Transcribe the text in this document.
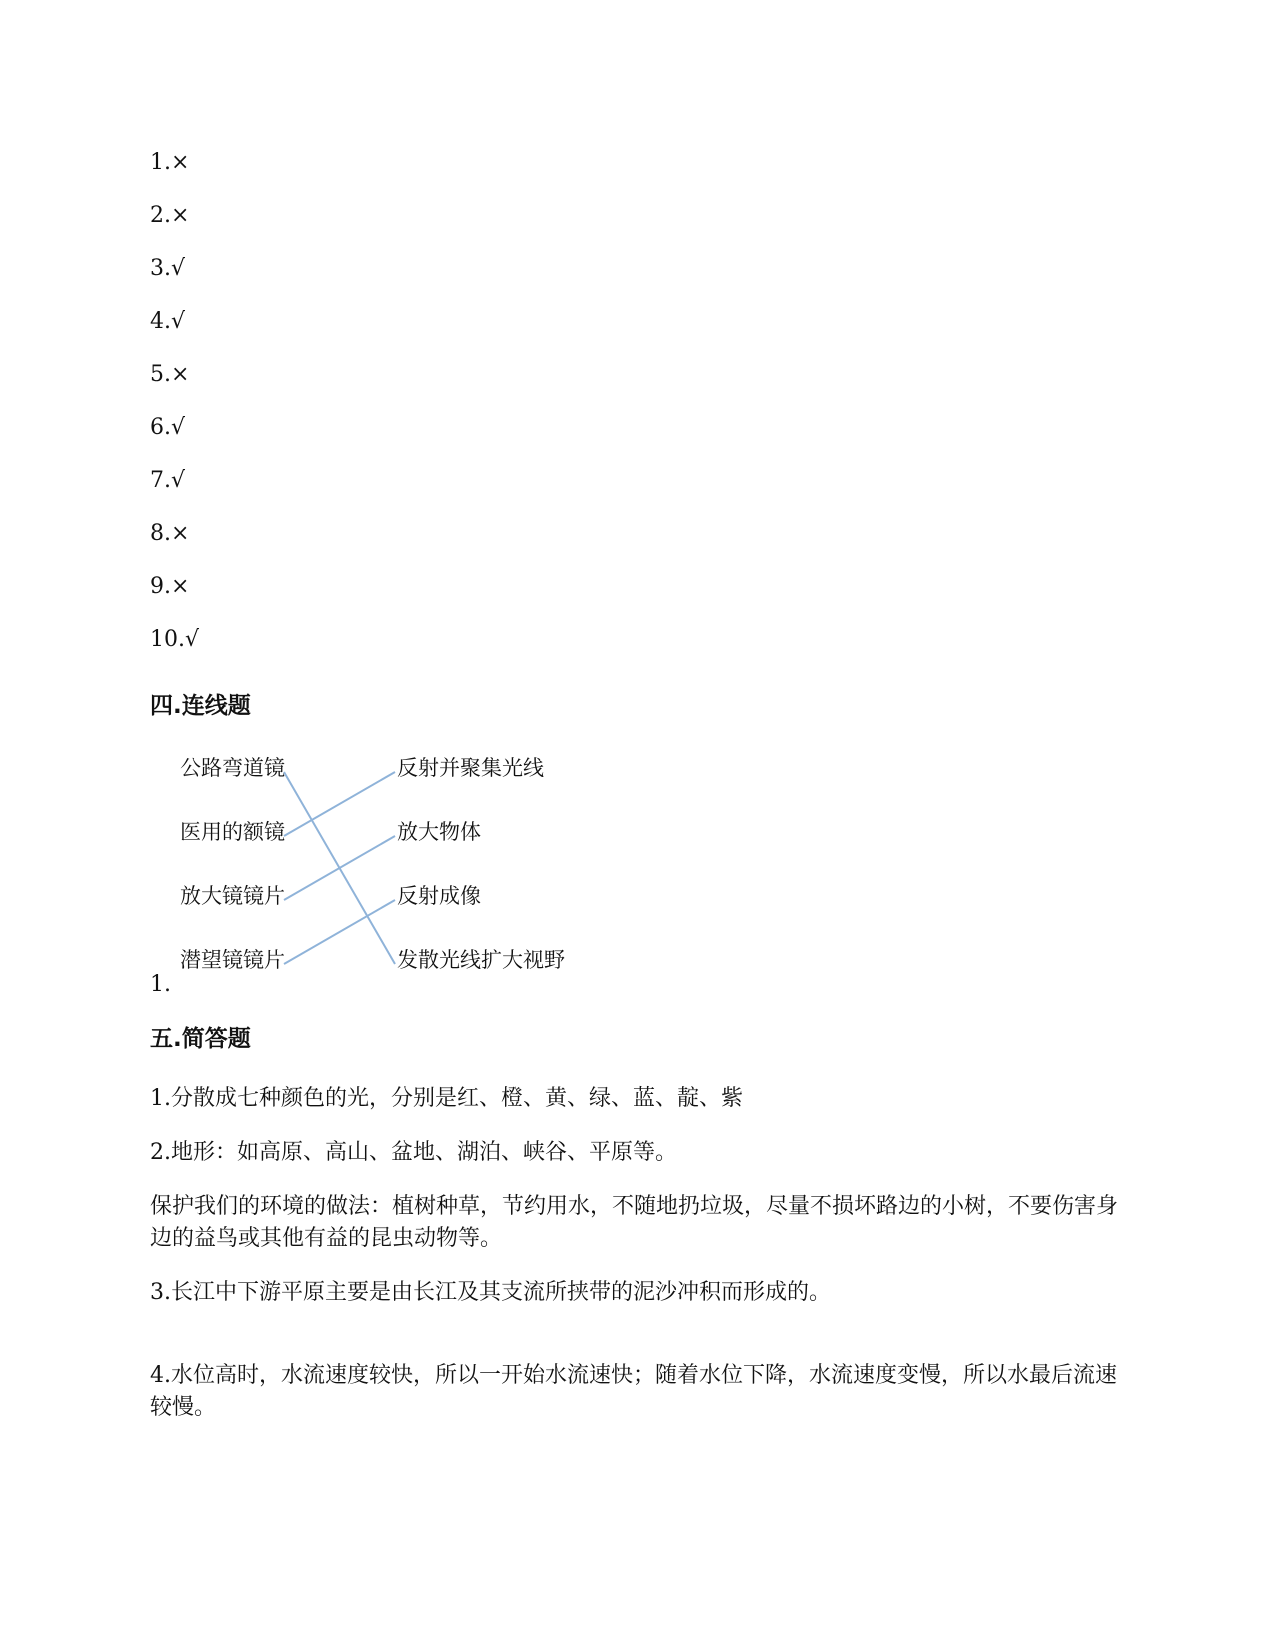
1.×
2.×
3.√
4.√
5.×
6.√
7.√
8.×
9.×
10.√
四.连线题
公路弯道镜
医用的额镜
放大镜镜片
潜望镜镜片
反射并聚集光线
放大物体
反射成像
发散光线扩大视野
1.
五.简答题
1.分散成七种颜色的光，分别是红、橙、黄、绿、蓝、靛、紫
2.地形：如高原、高山、盆地、湖泊、峡谷、平原等。
保护我们的环境的做法：植树种草，节约用水，不随地扔垃圾，尽量不损坏路边的小树，不要伤害身边的益鸟或其他有益的昆虫动物等。
3.长江中下游平原主要是由长江及其支流所挟带的泥沙冲积而形成的。
4.水位高时，水流速度较快，所以一开始水流速快；随着水位下降，水流速度变慢，所以水最后流速较慢。
